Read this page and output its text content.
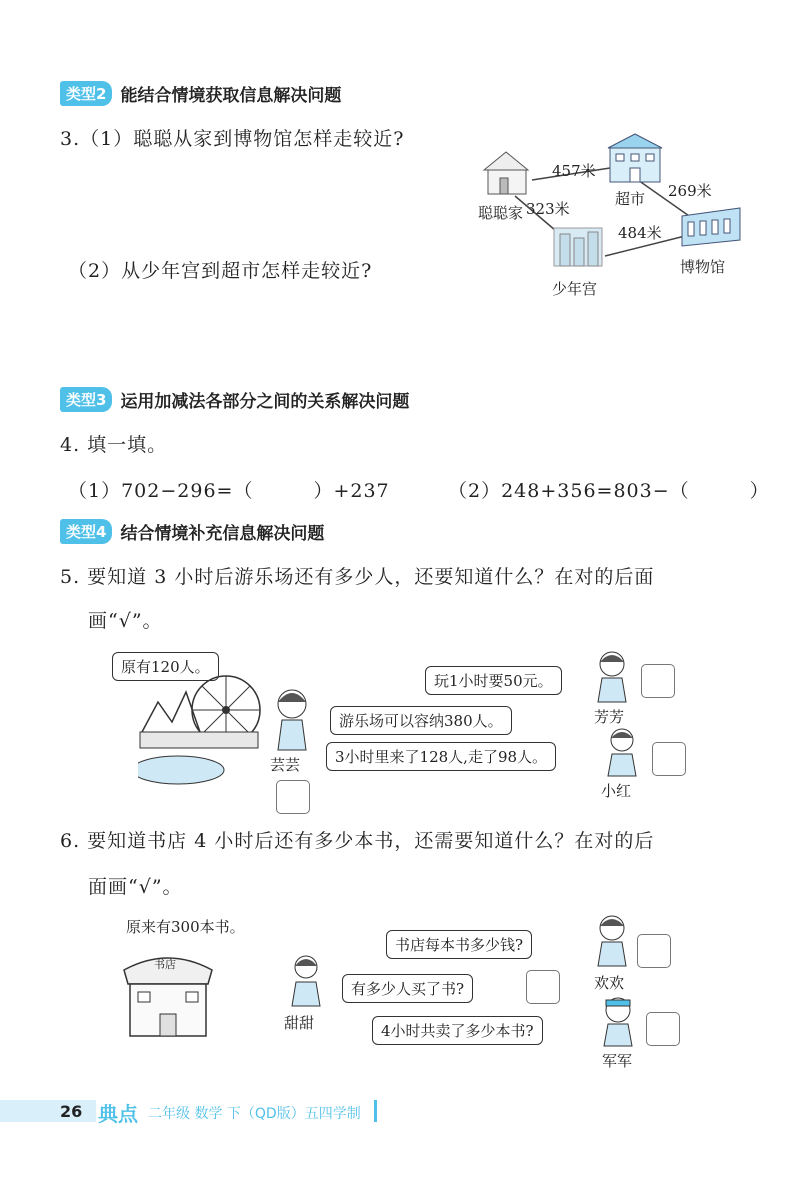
类型2 能结合情境获取信息解决问题
3.（1）聪聪从家到博物馆怎样走较近?
（2）从少年宫到超市怎样走较近?
457米
269米
323米
484米
超市
聪聪家
博物馆
少年宫
类型3 运用加减法各部分之间的关系解决问题
4. 填一填。
（1）702−296=（　　　）+237	（2）248+356=803−（　　　）
类型4 结合情境补充信息解决问题
5. 要知道 3 小时后游乐场还有多少人，还要知道什么？在对的后面
画“√”。
原有120人。
芸芸
玩1小时要50元。
芳芳
游乐场可以容纳380人。
3小时里来了128人,走了98人。
小红
6. 要知道书店 4 小时后还有多少本书，还需要知道什么？在对的后
面画“√”。
原来有300本书。
书店
甜甜
书店每本书多少钱?
欢欢
有多少人买了书?
4小时共卖了多少本书?
军军
26 典点 二年级 数学 下（QD版）五四学制
